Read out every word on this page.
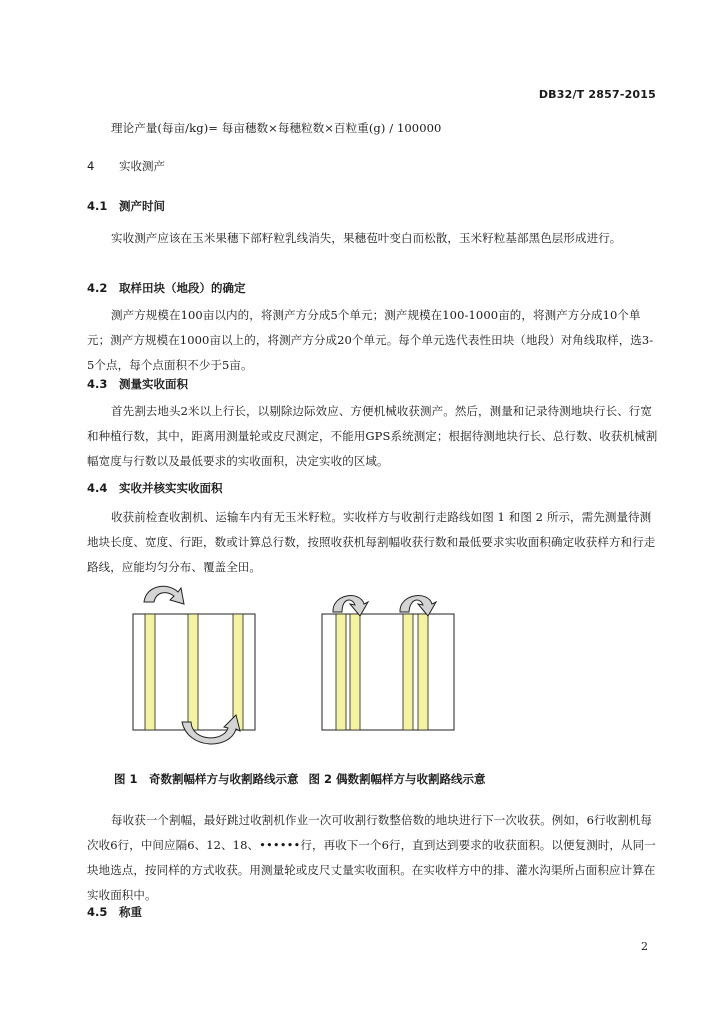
DB32/T 2857-2015

理论产量(每亩/kg)= 每亩穗数×每穗粒数×百粒重(g) / 100000

4 实收测产
4.1 测产时间

实收测产应该在玉米果穗下部籽粒乳线消失，果穗苞叶变白而松散，玉米籽粒基部黑色层形成进行。

4.2 取样田块（地段）的确定

测产方规模在100亩以内的，将测产方分成5个单元；测产规模在100-1000亩的，将测产方分成10个单元；测产方规模在1000亩以上的，将测产方分成20个单元。每个单元选代表性田块（地段）对角线取样，选3-5个点，每个点面积不少于5亩。

4.3 测量实收面积

首先割去地头2米以上行长，以剔除边际效应、方便机械收获测产。然后，测量和记录待测地块行长、行宽和种植行数，其中，距离用测量轮或皮尺测定，不能用GPS系统测定；根据待测地块行长、总行数、收获机械割幅宽度与行数以及最低要求的实收面积，决定实收的区域。

4.4 实收并核实实收面积

收获前检查收割机、运输车内有无玉米籽粒。实收样方与收割行走路线如图 1 和图 2 所示，需先测量待测地块长度、宽度、行距，数或计算总行数，按照收获机每割幅收获行数和最低要求实收面积确定收获样方和行走路线，应能均匀分布、覆盖全田。

图 1　奇数割幅样方与收割路线示意 图 2 偶数割幅样方与收割路线示意

每收获一个割幅，最好跳过收割机作业一次可收割行数整倍数的地块进行下一次收获。例如，6行收割机每次收6行，中间应隔6、12、18、••••••行，再收下一个6行，直到达到要求的收获面积。以便复测时，从同一块地选点，按同样的方式收获。用测量轮或皮尺丈量实收面积。在实收样方中的排、灌水沟渠所占面积应计算在实收面积中。

4.5 称重
2
